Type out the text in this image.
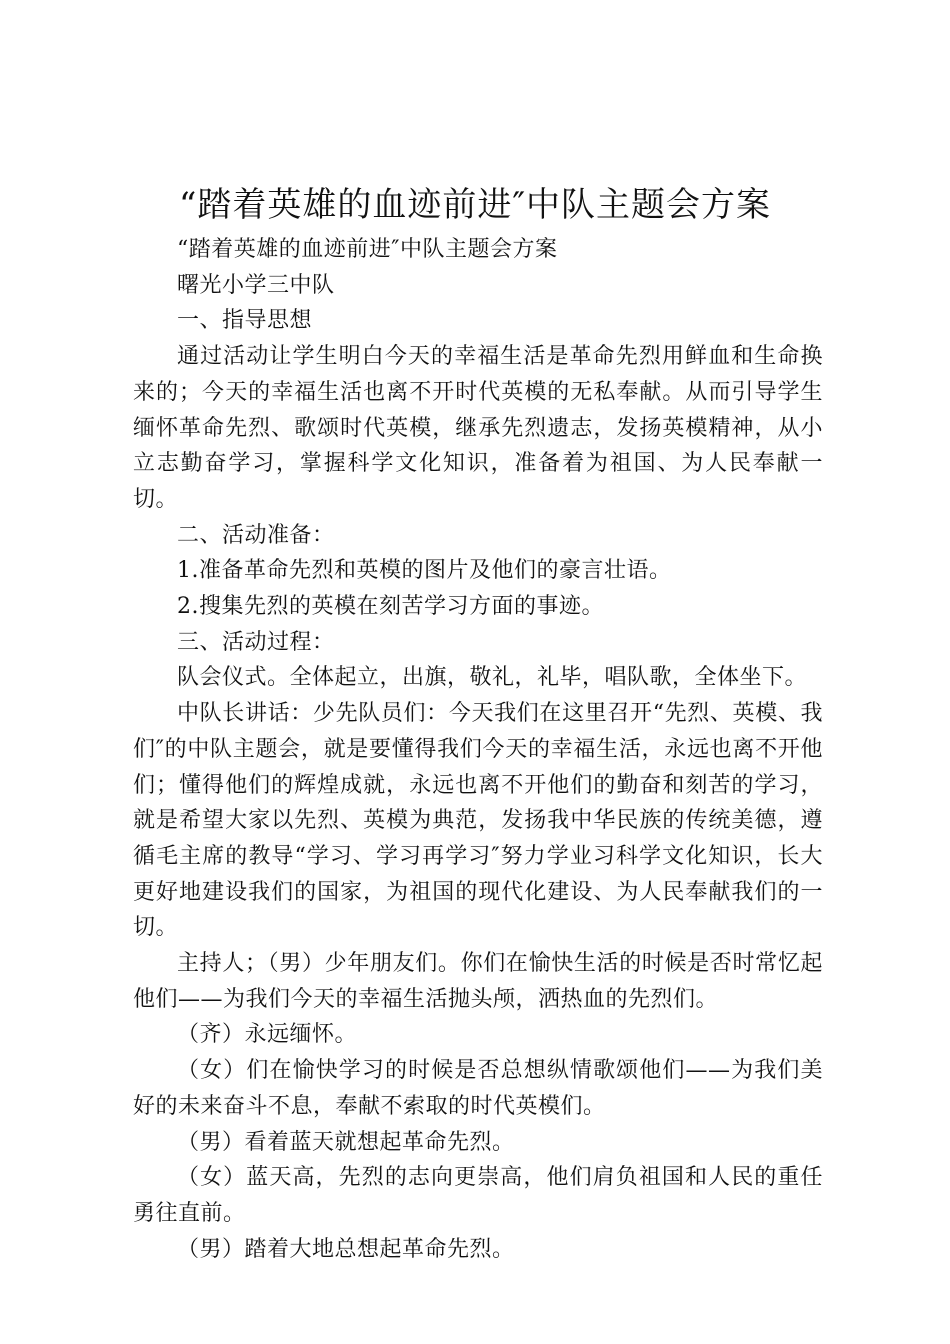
“踏着英雄的血迹前进″中队主题会方案

“踏着英雄的血迹前进″中队主题会方案

曙光小学三中队

一、指导思想

通过活动让学生明白今天的幸福生活是革命先烈用鲜血和生命换来的；今天的幸福生活也离不开时代英模的无私奉献。从而引导学生缅怀革命先烈、歌颂时代英模，继承先烈遗志，发扬英模精神，从小立志勤奋学习，掌握科学文化知识，准备着为祖国、为人民奉献一切。

二、活动准备：

1.准备革命先烈和英模的图片及他们的豪言壮语。

2.搜集先烈的英模在刻苦学习方面的事迹。

三、活动过程：

队会仪式。全体起立，出旗，敬礼，礼毕，唱队歌，全体坐下。

中队长讲话：少先队员们：今天我们在这里召开“先烈、英模、我们″的中队主题会，就是要懂得我们今天的幸福生活，永远也离不开他们；懂得他们的辉煌成就，永远也离不开他们的勤奋和刻苦的学习，就是希望大家以先烈、英模为典范，发扬我中华民族的传统美德，遵循毛主席的教导“学习、学习再学习″努力学业习科学文化知识，长大更好地建设我们的国家，为祖国的现代化建设、为人民奉献我们的一切。

主持人；（男）少年朋友们。你们在愉快生活的时候是否时常忆起他们——为我们今天的幸福生活抛头颅，洒热血的先烈们。

（齐）永远缅怀。

（女）们在愉快学习的时候是否总想纵情歌颂他们——为我们美好的未来奋斗不息，奉献不索取的时代英模们。

（男）看着蓝天就想起革命先烈。

（女）蓝天高，先烈的志向更崇高，他们肩负祖国和人民的重任勇往直前。

（男）踏着大地总想起革命先烈。
